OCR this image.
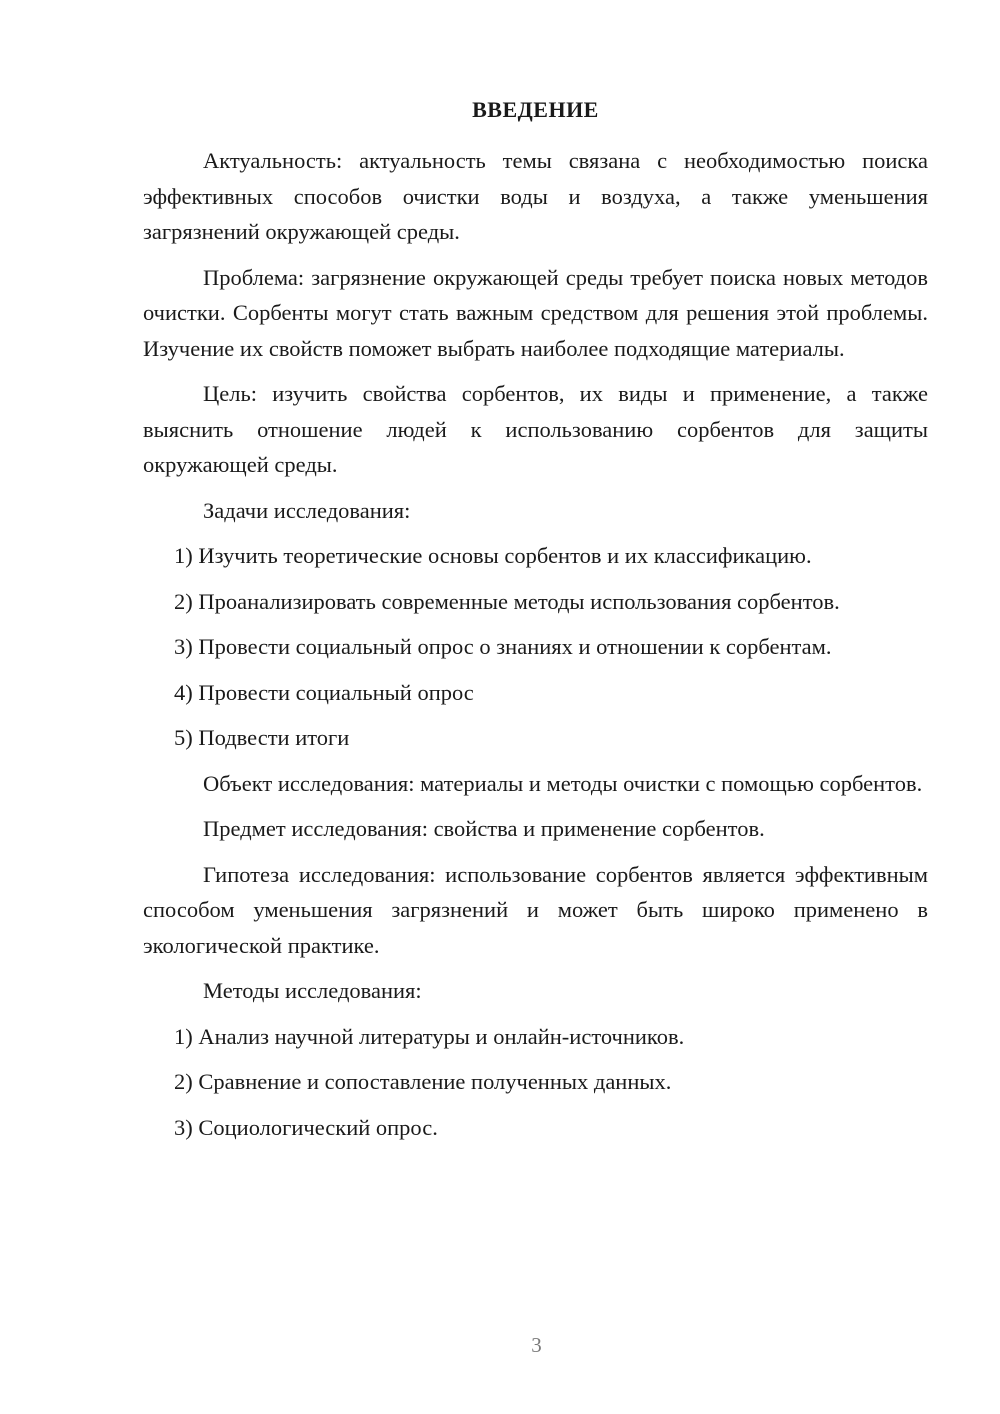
ВВЕДЕНИЕ

Актуальность: актуальность темы связана с необходимостью поиска эффективных способов очистки воды и воздуха, а также уменьшения загрязнений окружающей среды.

Проблема: загрязнение окружающей среды требует поиска новых методов очистки. Сорбенты могут стать важным средством для решения этой проблемы. Изучение их свойств поможет выбрать наиболее подходящие материалы.

Цель: изучить свойства сорбентов, их виды и применение, а также выяснить отношение людей к использованию сорбентов для защиты окружающей среды.

Задачи исследования:

1) Изучить теоретические основы сорбентов и их классификацию.

2) Проанализировать современные методы использования сорбентов.

3) Провести социальный опрос о знаниях и отношении к сорбентам.

4) Провести социальный опрос

5) Подвести итоги

Объект исследования: материалы и методы очистки с помощью сорбентов.

Предмет исследования: свойства и применение сорбентов.

Гипотеза исследования: использование сорбентов является эффективным способом уменьшения загрязнений и может быть широко применено в экологической практике.

Методы исследования:

1) Анализ научной литературы и онлайн-источников.

2) Сравнение и сопоставление полученных данных.

3) Социологический опрос.

3
